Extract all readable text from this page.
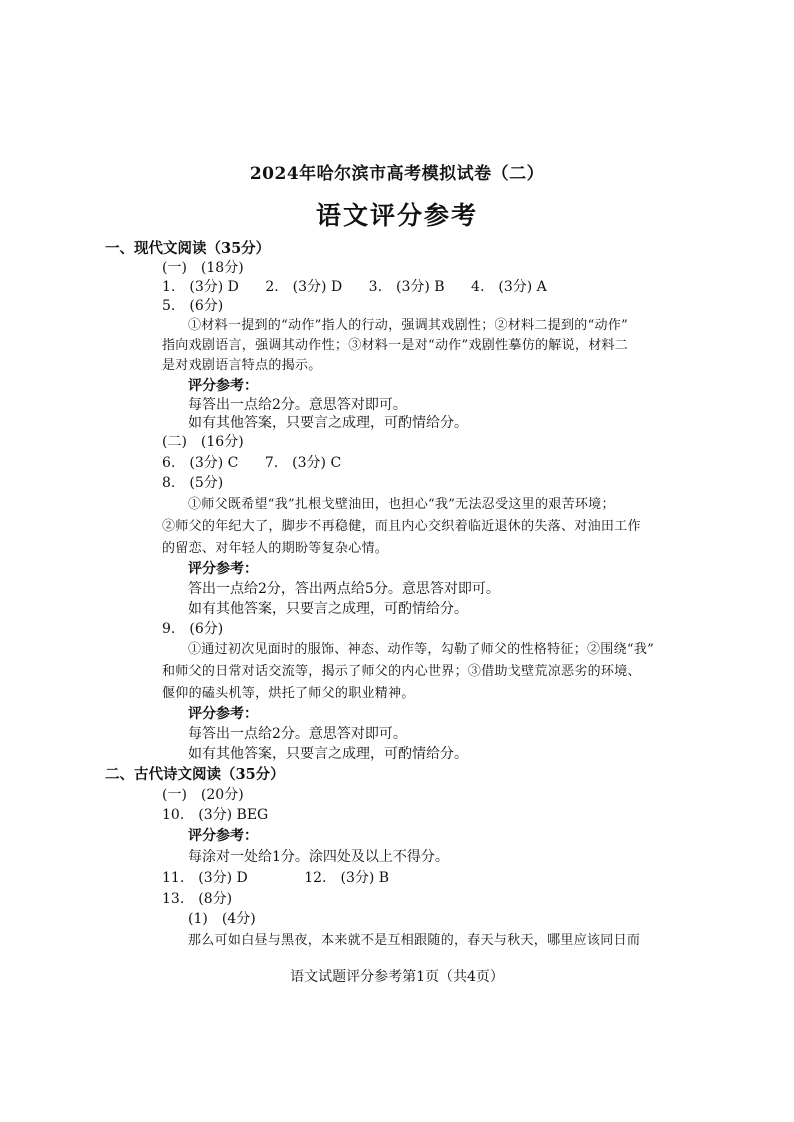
2024年哈尔滨市高考模拟试卷（二）
语文评分参考
一、现代文阅读（35分）
(一)　(18分)
1.　(3分) D 2.　(3分) D 3.　(3分) B 4.　(3分) A
5.　(6分)
①材料一提到的“动作”指人的行动，强调其戏剧性；②材料二提到的“动作”
指向戏剧语言，强调其动作性；③材料一是对“动作”戏剧性摹仿的解说，材料二
是对戏剧语言特点的揭示。
评分参考：
每答出一点给2分。意思答对即可。
如有其他答案，只要言之成理，可酌情给分。
(二)　(16分)
6.　(3分) C 7.　(3分) C
8.　(5分)
①师父既希望“我”扎根戈壁油田，也担心“我”无法忍受这里的艰苦环境；
②师父的年纪大了，脚步不再稳健，而且内心交织着临近退休的失落、对油田工作
的留恋、对年轻人的期盼等复杂心情。
评分参考：
答出一点给2分，答出两点给5分。意思答对即可。
如有其他答案，只要言之成理，可酌情给分。
9.　(6分)
①通过初次见面时的服饰、神态、动作等，勾勒了师父的性格特征；②围绕“我”
和师父的日常对话交流等，揭示了师父的内心世界；③借助戈壁荒凉恶劣的环境、
偃仰的磕头机等，烘托了师父的职业精神。
评分参考：
每答出一点给2分。意思答对即可。
如有其他答案，只要言之成理，可酌情给分。
二、古代诗文阅读（35分）
(一)　(20分)
10.　(3分) BEG
评分参考：
每涂对一处给1分。涂四处及以上不得分。
11.　(3分) D	12.　(3分) B
13.　(8分)
(1)　(4分)
那么可如白昼与黑夜，本来就不是互相跟随的，春天与秋天，哪里应该同日而
语文试题评分参考第1页（共4页）
